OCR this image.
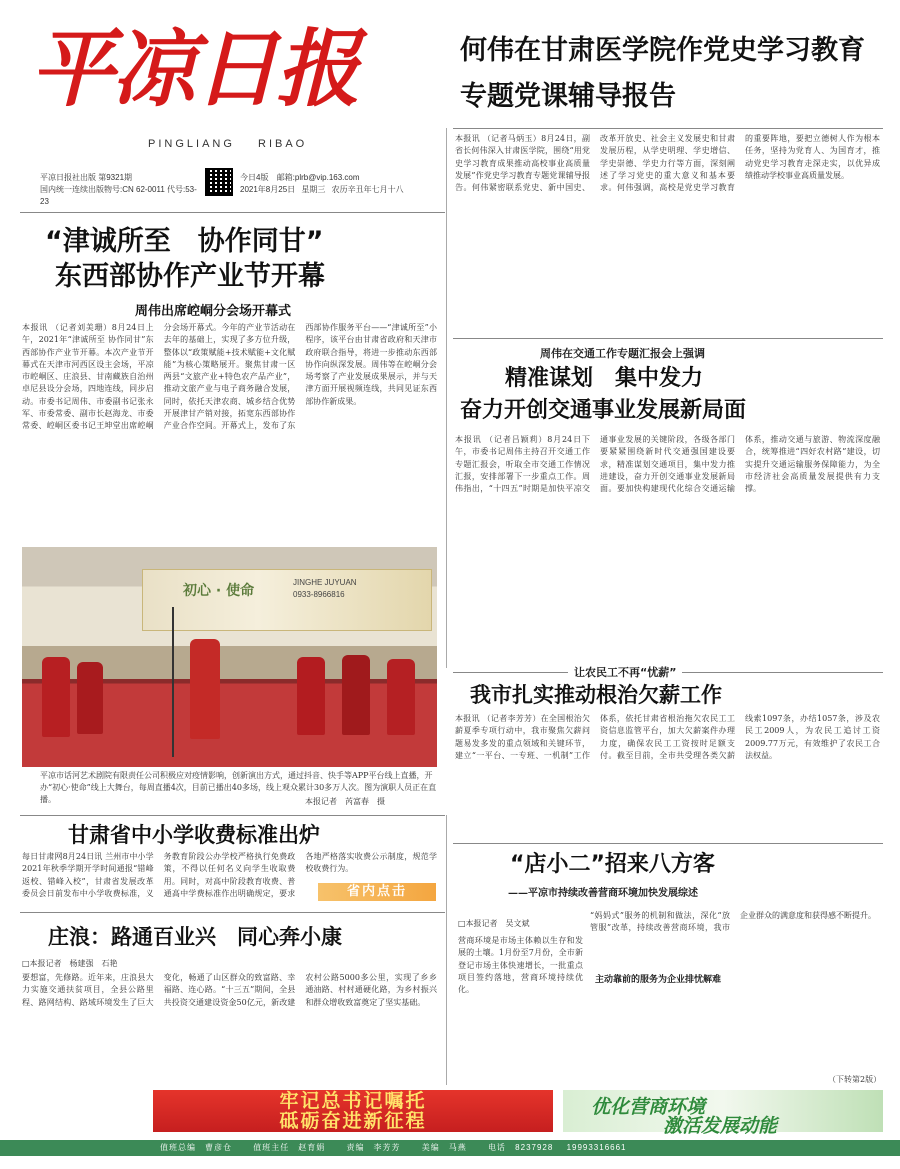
平凉日报
PINGLIANG RIBAO
平凉日报社出版 第9321期
国内统一连续出版物号:CN 62-0011 代号:53-23
今日4版 邮箱:plrb@vip.163.com
2021年8月25日 星期三 农历辛丑年七月十八
何伟在甘肃医学院作党史学习教育专题党课辅导报告
本报讯 （记者马炳玉）8月24日，副省长何伟深入甘肃医学院，围绕“用党史学习教育成果推动高校事业高质量发展”作党史学习教育专题党课辅导报告。何伟紧密联系党史、新中国史、改革开放史、社会主义发展史和甘肃发展历程，从学史明理、学史增信、学史崇德、学史力行等方面，深刻阐述了学习党史的重大意义和基本要求。何伟强调，高校是党史学习教育的重要阵地，要把立德树人作为根本任务，坚持为党育人、为国育才，推动党史学习教育走深走实，以优异成绩推动学校事业高质量发展。
“津诚所至　协作同甘”
东西部协作产业节开幕
周伟出席崆峒分会场开幕式
本报讯 （记者刘美珊）8月24日上午，2021年“津诚所至 协作同甘”东西部协作产业节开幕。本次产业节开幕式在天津市河西区设主会场，平凉市崆峒区、庄浪县、甘南藏族自治州卓尼县设分会场，四地连线，同步启动。市委书记周伟、市委副书记张永军、市委常委、副市长赵海龙、市委常委、崆峒区委书记王坤堂出席崆峒分会场开幕式。今年的产业节活动在去年的基础上，实现了多方位升级，整体以“政策赋能+技术赋能+文化赋能”为核心策略展开。聚焦甘肃一区两县“文旅产业+特色农产品产业”，推动文旅产业与电子商务融合发展，同时，依托天津农商、城乡结合优势开展津甘产销对接，拓宽东西部协作产业合作空间。开幕式上，发布了东西部协作服务平台——“津诚所至”小程序，该平台由甘肃省政府和天津市政府联合指导，将进一步推动东西部协作向纵深发展。周伟等在崆峒分会场考察了产业发展成果展示，并与天津方面开展视频连线，共同见证东西部协作新成果。
初心 · 使命
JINGHE JUYUAN
0933-8966816
平凉市话河艺术剧院有限责任公司积极应对疫情影响，创新演出方式，通过抖音、快手等APP平台线上直播，开办“初心·使命”线上大舞台，每周直播4次，目前已播出40多场，线上观众累计30多万人次。图为演职人员正在直播。	本报记者　芮富春　摄
周伟在交通工作专题汇报会上强调
精准谋划　集中发力
奋力开创交通事业发展新局面
本报讯 （记者吕颖莉）8月24日下午，市委书记周伟主持召开交通工作专题汇报会，听取全市交通工作情况汇报，安排部署下一步重点工作。周伟指出，“十四五”时期是加快平凉交通事业发展的关键阶段，各级各部门要紧紧围绕新时代交通强国建设要求，精准谋划交通项目，集中发力推进建设，奋力开创交通事业发展新局面。要加快构建现代化综合交通运输体系，推动交通与旅游、物流深度融合，统筹推进“四好农村路”建设，切实提升交通运输服务保障能力，为全市经济社会高质量发展提供有力支撑。
让农民工不再“忧薪”
我市扎实推动根治欠薪工作
本报讯 （记者李芳芳）在全国根治欠薪夏季专项行动中，我市聚焦欠薪问题易发多发的重点领域和关键环节，建立“一平台、一专班、一机制”工作体系，依托甘肃省根治拖欠农民工工资信息监管平台，加大欠薪案件办理力度，确保农民工工资按时足额支付。截至目前，全市共受理各类欠薪线索1097条，办结1057条，涉及农民工2009人，为农民工追讨工资2009.77万元，有效维护了农民工合法权益。
甘肃省中小学收费标准出炉
每日甘肃网8月24日讯 兰州市中小学2021年秋季学期开学时间通报“错峰返校、错峰入校”，甘肃省发展改革委员会日前发布中小学收费标准，义务教育阶段公办学校严格执行免费政策，不得以任何名义向学生收取费用。同时，对高中阶段教育收费、普通高中学费标准作出明确规定，要求各地严格落实收费公示制度，规范学校收费行为。
省内点击
庄浪：路通百业兴　同心奔小康
□本报记者　杨建强　石艳
要想富，先修路。近年来，庄浪县大力实施交通扶贫项目，全县公路里程、路网结构、路域环境发生了巨大变化，畅通了山区群众的致富路、幸福路、连心路。“十三五”期间，全县共投资交通建设资金50亿元，新改建农村公路5000多公里，实现了乡乡通油路、村村通硬化路，为乡村振兴和群众增收致富奠定了坚实基础。
“店小二”招来八方客
——平凉市持续改善营商环境加快发展综述
□本报记者　吴文斌
“妈妈式”服务的机制和做法，深化“放管服”改革，持续改善营商环境，我市企业群众的满意度和获得感不断提升。
主动靠前的服务为企业排忧解难
营商环境是市场主体赖以生存和发展的土壤。1月份至7月份，全市新登记市场主体快速增长，一批重点项目签约落地，营商环境持续优化。
（下转第2版）
牢记总书记嘱托
砥砺奋进新征程
优化营商环境
激活发展动能
值班总编　曹彦仓	值班主任　赵育娟	责编　李芳芳	美编　马燕	电话 8237928 19993316661
